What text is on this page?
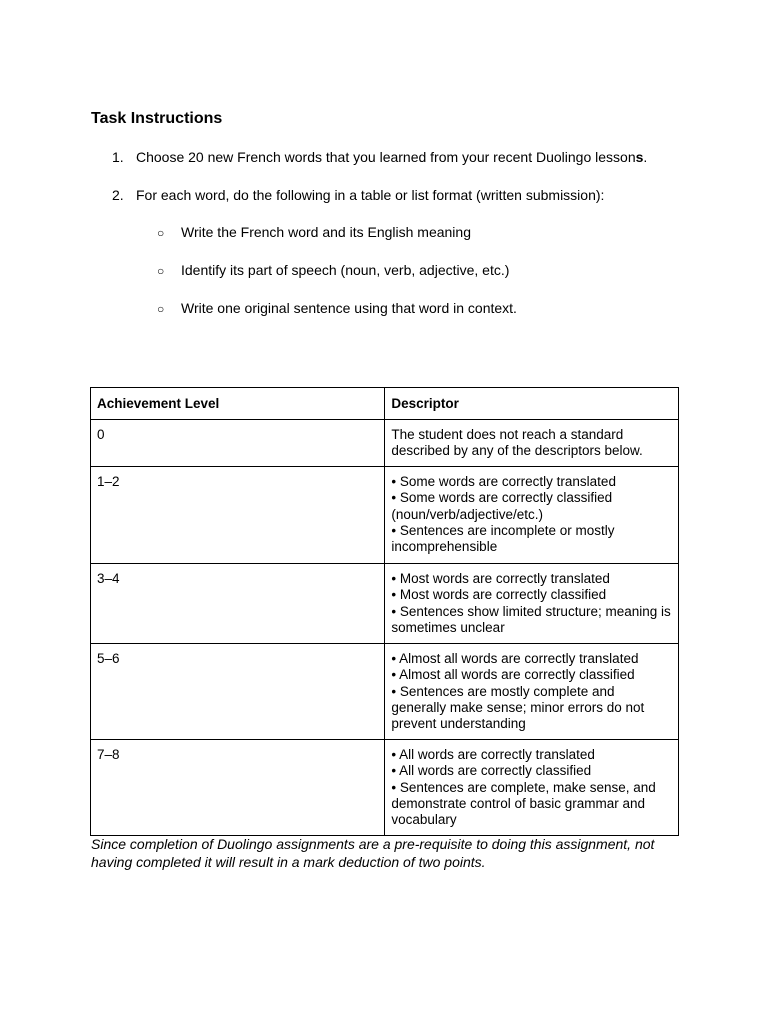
Task Instructions
1. Choose 20 new French words that you learned from your recent Duolingo lessons.
2. For each word, do the following in a table or list format (written submission):
○ Write the French word and its English meaning
○ Identify its part of speech (noun, verb, adjective, etc.)
○ Write one original sentence using that word in context.
Achievement Level	Descriptor
0	The student does not reach a standard described by any of the descriptors below.

1–2	• Some words are correctly translated
• Some words are correctly classified (noun/verb/adjective/etc.)
• Sentences are incomplete or mostly incomprehensible

3–4	• Most words are correctly translated
• Most words are correctly classified
• Sentences show limited structure; meaning is sometimes unclear

5–6	• Almost all words are correctly translated
• Almost all words are correctly classified
• Sentences are mostly complete and generally make sense; minor errors do not prevent understanding

7–8	• All words are correctly translated
• All words are correctly classified
• Sentences are complete, make sense, and demonstrate control of basic grammar and vocabulary

Since completion of Duolingo assignments are a pre-requisite to doing this assignment, not having completed it will result in a mark deduction of two points.
